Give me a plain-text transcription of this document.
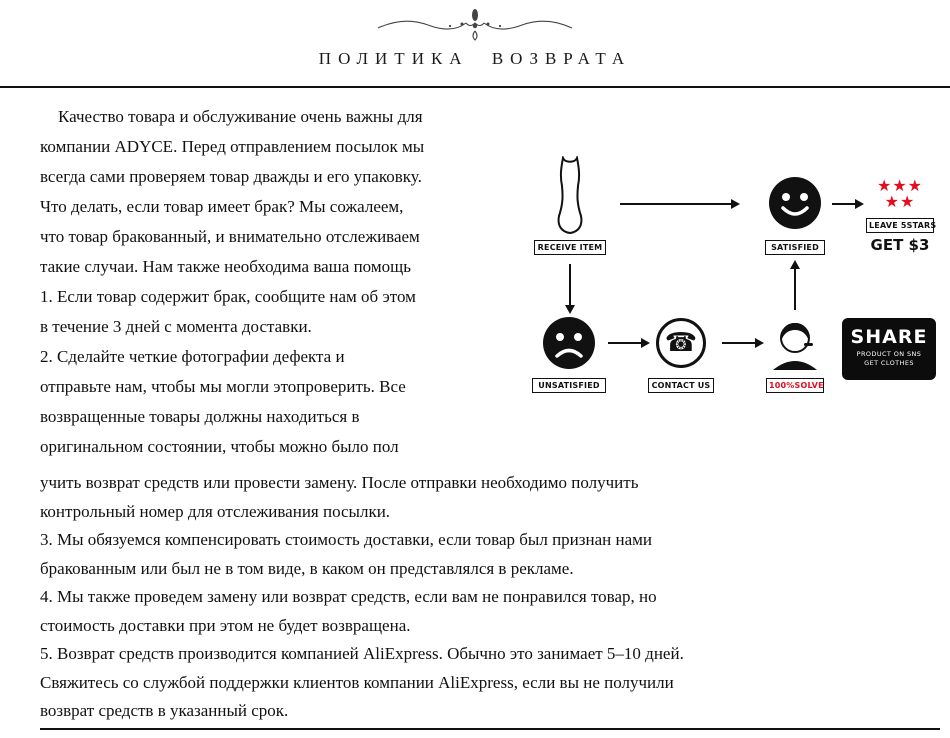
ПОЛИТИКА ВОЗВРАТА
Качество товара и обслуживание очень важны для
компании ADYCE. Перед отправлением посылок мы
всегда сами проверяем товар дважды и его упаковку.
Что делать, если товар имеет брак? Мы сожалеем,
что товар бракованный, и внимательно отслеживаем
такие случаи. Нам также необходима ваша помощь
1. Если товар содержит брак, сообщите нам об этом
в течение 3 дней с момента доставки.
2. Сделайте четкие фотографии дефекта и
отправьте нам, чтобы мы могли этопроверить. Все
возвращенные товары должны находиться в
оригинальном состоянии, чтобы можно было пол
RECEIVE ITEM	SATISFIED
★★★
★★
LEAVE 5STARS
GET $3
UNSATISFIED
☎
CONTACT US	100%SOLVE
SHARE
PRODUCT ON SNS
GET CLOTHES
учить возврат средств или провести замену. После отправки необходимо получить
контрольный номер для отслеживания посылки.
3. Мы обязуемся компенсировать стоимость доставки, если товар был признан нами
бракованным или был не в том виде, в каком он представлялся в рекламе.
4. Мы также проведем замену или возврат средств, если вам не понравился товар, но
стоимость доставки при этом не будет возвращена.
5. Возврат средств производится компанией AliExpress. Обычно это занимает 5–10 дней.
Свяжитесь со службой поддержки клиентов компании AliExpress, если вы не получили
возврат средств в указанный срок.
